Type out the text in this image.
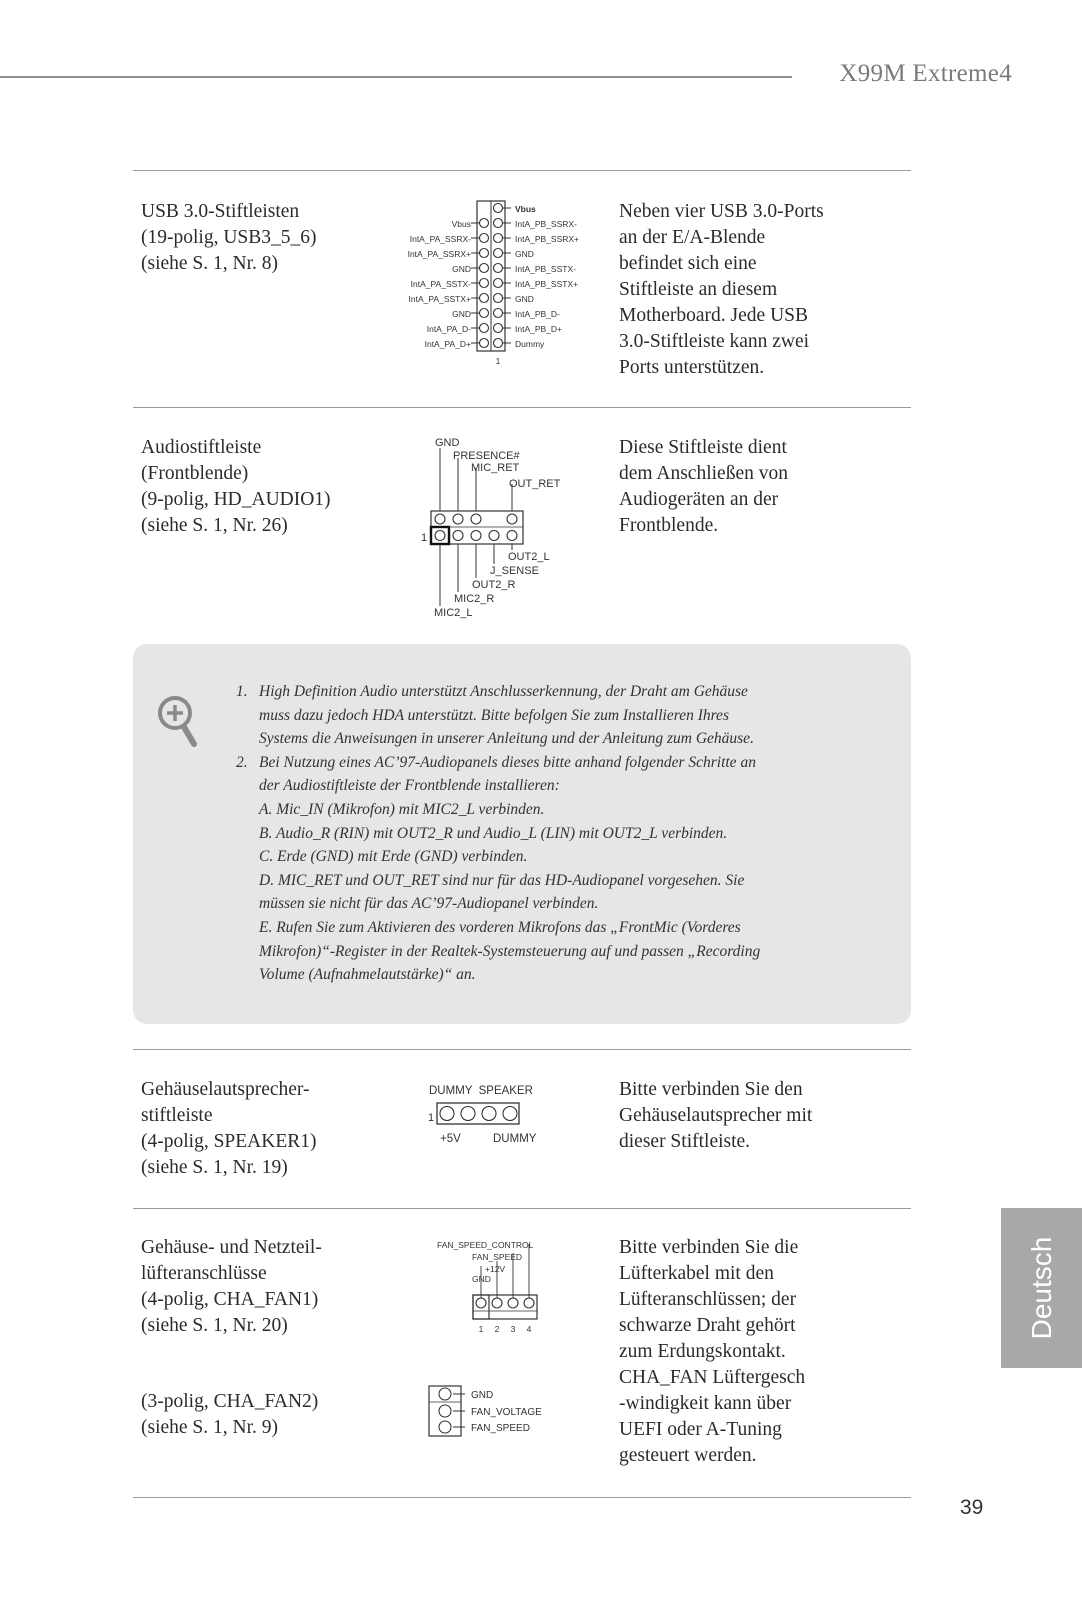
X99M Extreme4
USB 3.0-Stiftleisten
(19-polig, USB3_5_6)
(siehe S. 1, Nr. 8)
Vbus
Vbus
IntA_PA_SSRX-
IntA_PA_SSRX+
GND
IntA_PA_SSTX-
IntA_PA_SSTX+
GND
IntA_PA_D-
IntA_PA_D+
IntA_PB_SSRX-
IntA_PB_SSRX+
GND
IntA_PB_SSTX-
IntA_PB_SSTX+
GND
IntA_PB_D-
IntA_PB_D+
Dummy
1
Neben vier USB 3.0-Ports
an der E/A-Blende
befindet sich eine
Stiftleiste an diesem
Motherboard. Jede USB
3.0-Stiftleiste kann zwei
Ports unterstützen.
Audiostiftleiste
(Frontblende)
(9-polig, HD_AUDIO1)
(siehe S. 1, Nr. 26)
GND
PRESENCE#
MIC_RET
OUT_RET
OUT2_L
J_SENSE
OUT2_R
MIC2_R
MIC2_L
1
Diese Stiftleiste dient
dem Anschließen von
Audiogeräten an der
Frontblende.
1. High Definition Audio unterstützt Anschlusserkennung, der Draht am Gehäuse
muss dazu jedoch HDA unterstützt. Bitte befolgen Sie zum Installieren Ihres
Systems die Anweisungen in unserer Anleitung und der Anleitung zum Gehäuse.
2. Bei Nutzung eines AC’97-Audiopanels dieses bitte anhand folgender Schritte an
der Audiostiftleiste der Frontblende installieren:
A. Mic_IN (Mikrofon) mit MIC2_L verbinden.
B. Audio_R (RIN) mit OUT2_R und Audio_L (LIN) mit OUT2_L verbinden.
C. Erde (GND) mit Erde (GND) verbinden.
D. MIC_RET und OUT_RET sind nur für das HD-Audiopanel vorgesehen. Sie
müssen sie nicht für das AC’97-Audiopanel verbinden.
E. Rufen Sie zum Aktivieren des vorderen Mikrofons das „FrontMic (Vorderes
Mikrofon)“-Register in der Realtek-Systemsteuerung auf und passen „Recording
Volume (Aufnahmelautstärke)“ an.
Gehäuselautsprecher-
stiftleiste
(4-polig, SPEAKER1)
(siehe S. 1, Nr. 19)
DUMMY  SPEAKER
+5V	DUMMY
1
Bitte verbinden Sie den
Gehäuselautsprecher mit
dieser Stiftleiste.
Gehäuse- und Netzteil-
lüfteranschlüsse
(4-polig, CHA_FAN1)
(siehe S. 1, Nr. 20)
(3-polig, CHA_FAN2)
(siehe S. 1, Nr. 9)
FAN_SPEED_CONTROL
FAN_SPEED
+12V
GND
1 2 3 4
GND
FAN_VOLTAGE
FAN_SPEED
Bitte verbinden Sie die
Lüfterkabel mit den
Lüfteranschlüssen; der
schwarze Draht gehört
zum Erdungskontakt.
CHA_FAN Lüftergesch
-windigkeit kann über
UEFI oder A-Tuning
gesteuert werden.
Deutsch
39
